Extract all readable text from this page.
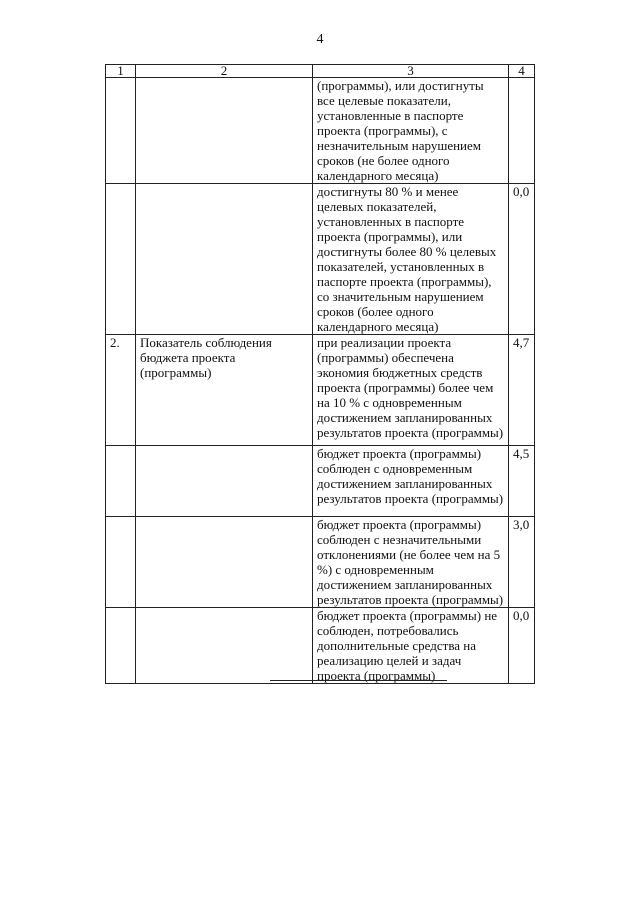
4
1	2	3	4
		(программы), или достигнуты все целевые показатели, установленные в паспорте проекта (программы), с незначительным нарушением сроков (не более одного календарного месяца)	
		достигнуты 80 % и менее целевых показателей, установленных в паспорте проекта (программы), или достигнуты более 80 % целевых показателей, установленных в паспорте проекта (программы), со значительным нарушением сроков (более одного календарного месяца)	0,0
2.	Показатель соблюдения бюджета проекта (программы)	при реализации проекта (программы) обеспечена экономия бюджетных средств проекта (программы) более чем на 10 % с одновременным достижением запланированных результатов проекта (программы)	4,7
		бюджет проекта (программы) соблюден с одновременным достижением запланированных результатов проекта (программы)	4,5
		бюджет проекта (программы) соблюден с незначительными отклонениями (не более чем на 5 %) с одновременным достижением запланированных результатов проекта (программы)	3,0
		бюджет проекта (программы) не соблюден, потребовались дополнительные средства на реализацию целей и задач проекта (программы)	0,0
